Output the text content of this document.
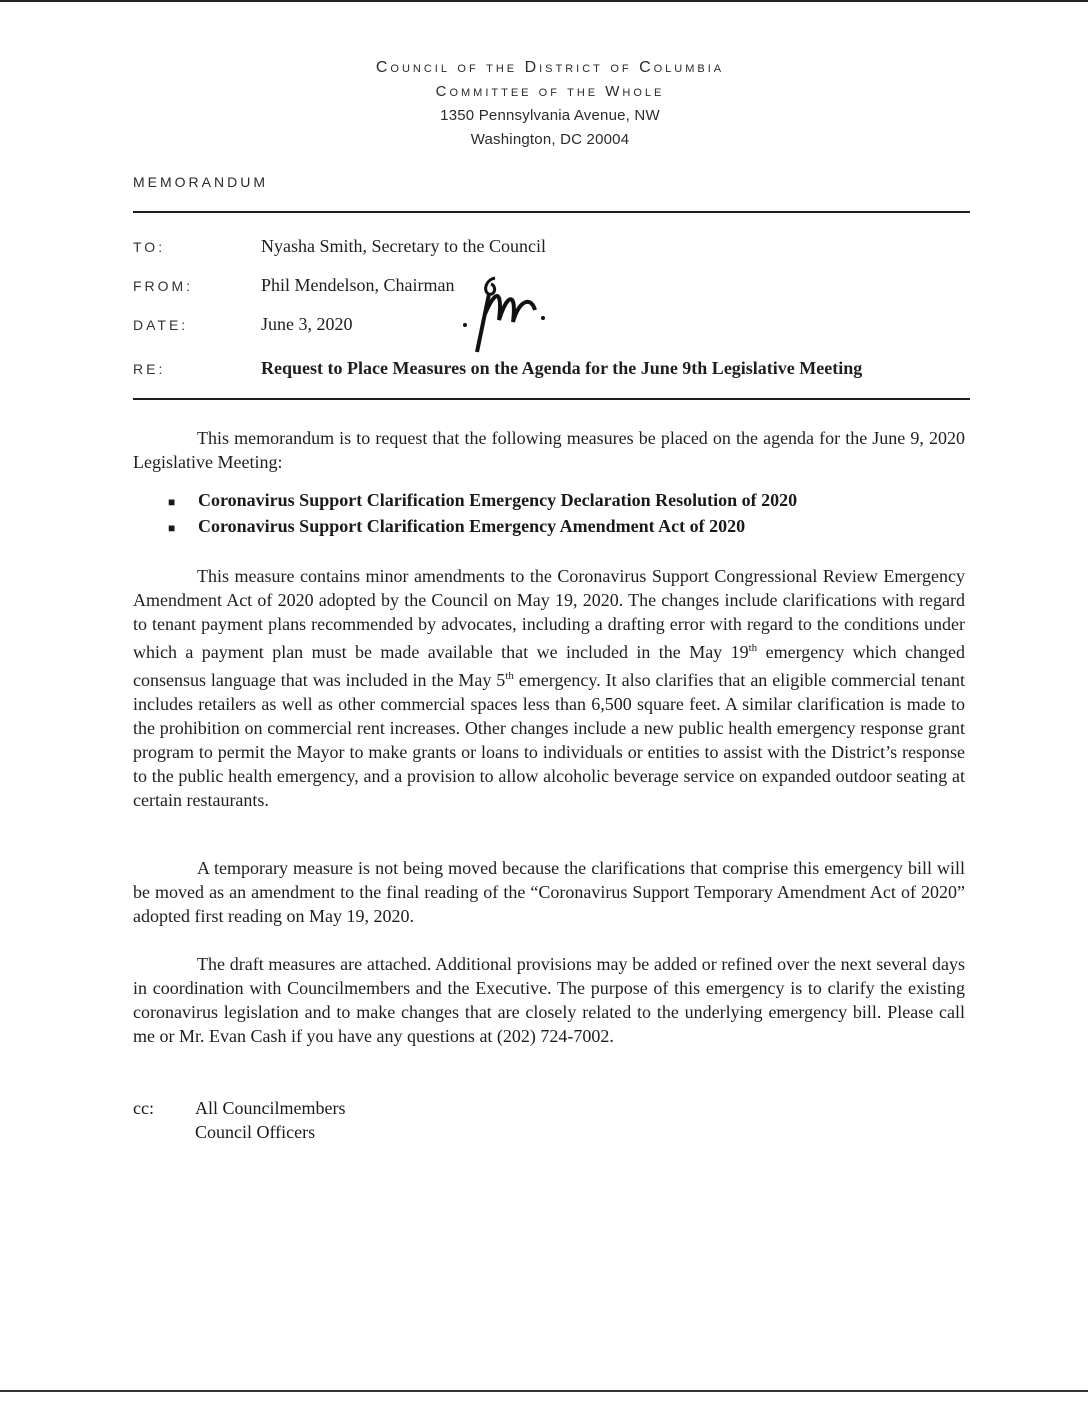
Council of the District of Columbia
Committee of the Whole
1350 Pennsylvania Avenue, NW
Washington, DC 20004
MEMORANDUM
TO:	Nyasha Smith, Secretary to the Council
FROM:	Phil Mendelson, Chairman
DATE:	June 3, 2020
RE:	Request to Place Measures on the Agenda for the June 9th Legislative Meeting
This memorandum is to request that the following measures be placed on the agenda for the June 9, 2020 Legislative Meeting:
■	Coronavirus Support Clarification Emergency Declaration Resolution of 2020
■	Coronavirus Support Clarification Emergency Amendment Act of 2020
This measure contains minor amendments to the Coronavirus Support Congressional Review Emergency Amendment Act of 2020 adopted by the Council on May 19, 2020. The changes include clarifications with regard to tenant payment plans recommended by advocates, including a drafting error with regard to the conditions under which a payment plan must be made available that we included in the May 19th emergency which changed consensus language that was included in the May 5th emergency. It also clarifies that an eligible commercial tenant includes retailers as well as other commercial spaces less than 6,500 square feet. A similar clarification is made to the prohibition on commercial rent increases. Other changes include a new public health emergency response grant program to permit the Mayor to make grants or loans to individuals or entities to assist with the District’s response to the public health emergency, and a provision to allow alcoholic beverage service on expanded outdoor seating at certain restaurants.
A temporary measure is not being moved because the clarifications that comprise this emergency bill will be moved as an amendment to the final reading of the “Coronavirus Support Temporary Amendment Act of 2020” adopted first reading on May 19, 2020.
The draft measures are attached. Additional provisions may be added or refined over the next several days in coordination with Councilmembers and the Executive. The purpose of this emergency is to clarify the existing coronavirus legislation and to make changes that are closely related to the underlying emergency bill. Please call me or Mr. Evan Cash if you have any questions at (202) 724-7002.
cc:	All Councilmembers
Council Officers
